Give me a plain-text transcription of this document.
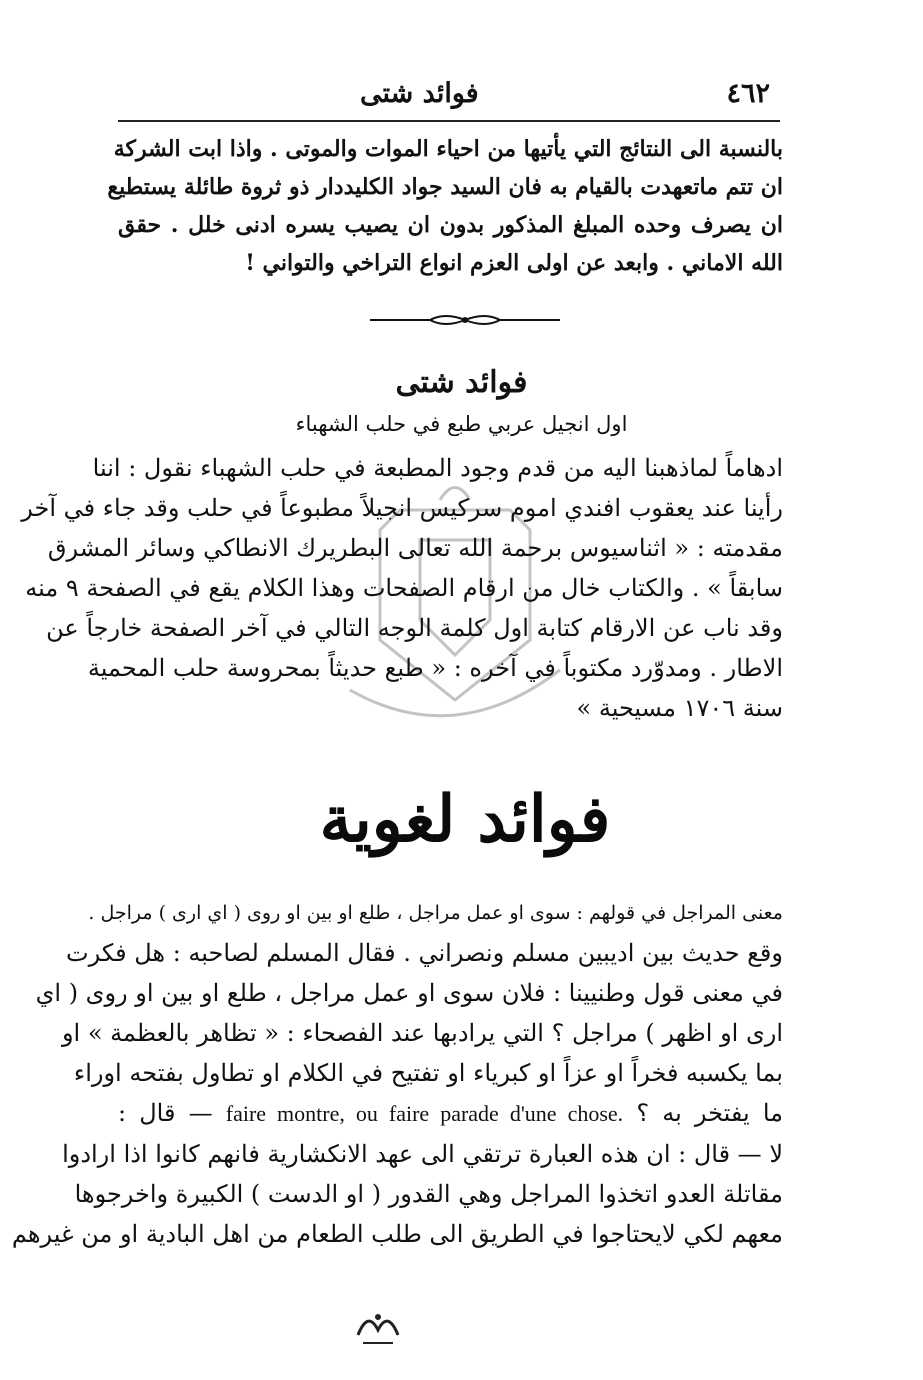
فوائد شتى	٤٦٢
بالنسبة الى النتائج التي يأتيها من احياء الموات والموتى . واذا ابت الشركة
ان تتم ماتعهدت بالقيام به فان السيد جواد الكليددار ذو ثروة طائلة يستطيع
ان يصرف وحده المبلغ المذكور بدون ان يصيب يسره ادنى خلل . حقق
الله الاماني . وابعد عن اولى العزم انواع التراخي والتواني !
فوائد شتى
اول انجيل عربي طبع في حلب الشهباء
ادهاماً لماذهبنا اليه من قدم وجود المطبعة في حلب الشهباء نقول : اننا
رأينا عند يعقوب افندي اموم سركيس انجيلاً مطبوعاً في حلب وقد جاء في آخر
مقدمته : « اثناسيوس برحمة الله تعالى البطريرك الانطاكي وسائر المشرق
سابقاً » . والكتاب خال من ارقام الصفحات وهذا الكلام يقع في الصفحة ٩ منه
وقد ناب عن الارقام كتابة اول كلمة الوجه التالي في آخر الصفحة خارجاً عن
الاطار . ومدوّرد مكتوباً في آخره : « طبع حديثاً بمحروسة حلب المحمية
سنة ١٧٠٦ مسيحية »
فوائد لغوية
معنى المراجل في قولهم : سوى او عمل مراجل ، طلع او بين او روى ( اي ارى ) مراجل .
وقع حديث بين اديبين مسلم ونصراني . فقال المسلم لصاحبه : هل فكرت
في معنى قول وطنيينا : فلان سوى او عمل مراجل ، طلع او بين او روى ( اي
ارى او اظهر ) مراجل ؟ التي يرادبها عند الفصحاء : « تظاهر بالعظمة » او
بما يكسبه فخراً او عزاً او كبرياء او تفتيح في الكلام او تطاول بفتحه اوراء
ما يفتخر به ؟ faire montre, ou faire parade d'une chose. — قال :
لا — قال : ان هذه العبارة ترتقي الى عهد الانكشارية فانهم كانوا اذا ارادوا
مقاتلة العدو اتخذوا المراجل وهي القدور ( او الدست ) الكبيرة واخرجوها
معهم لكي لايحتاجوا في الطريق الى طلب الطعام من اهل البادية او من غيرهم
